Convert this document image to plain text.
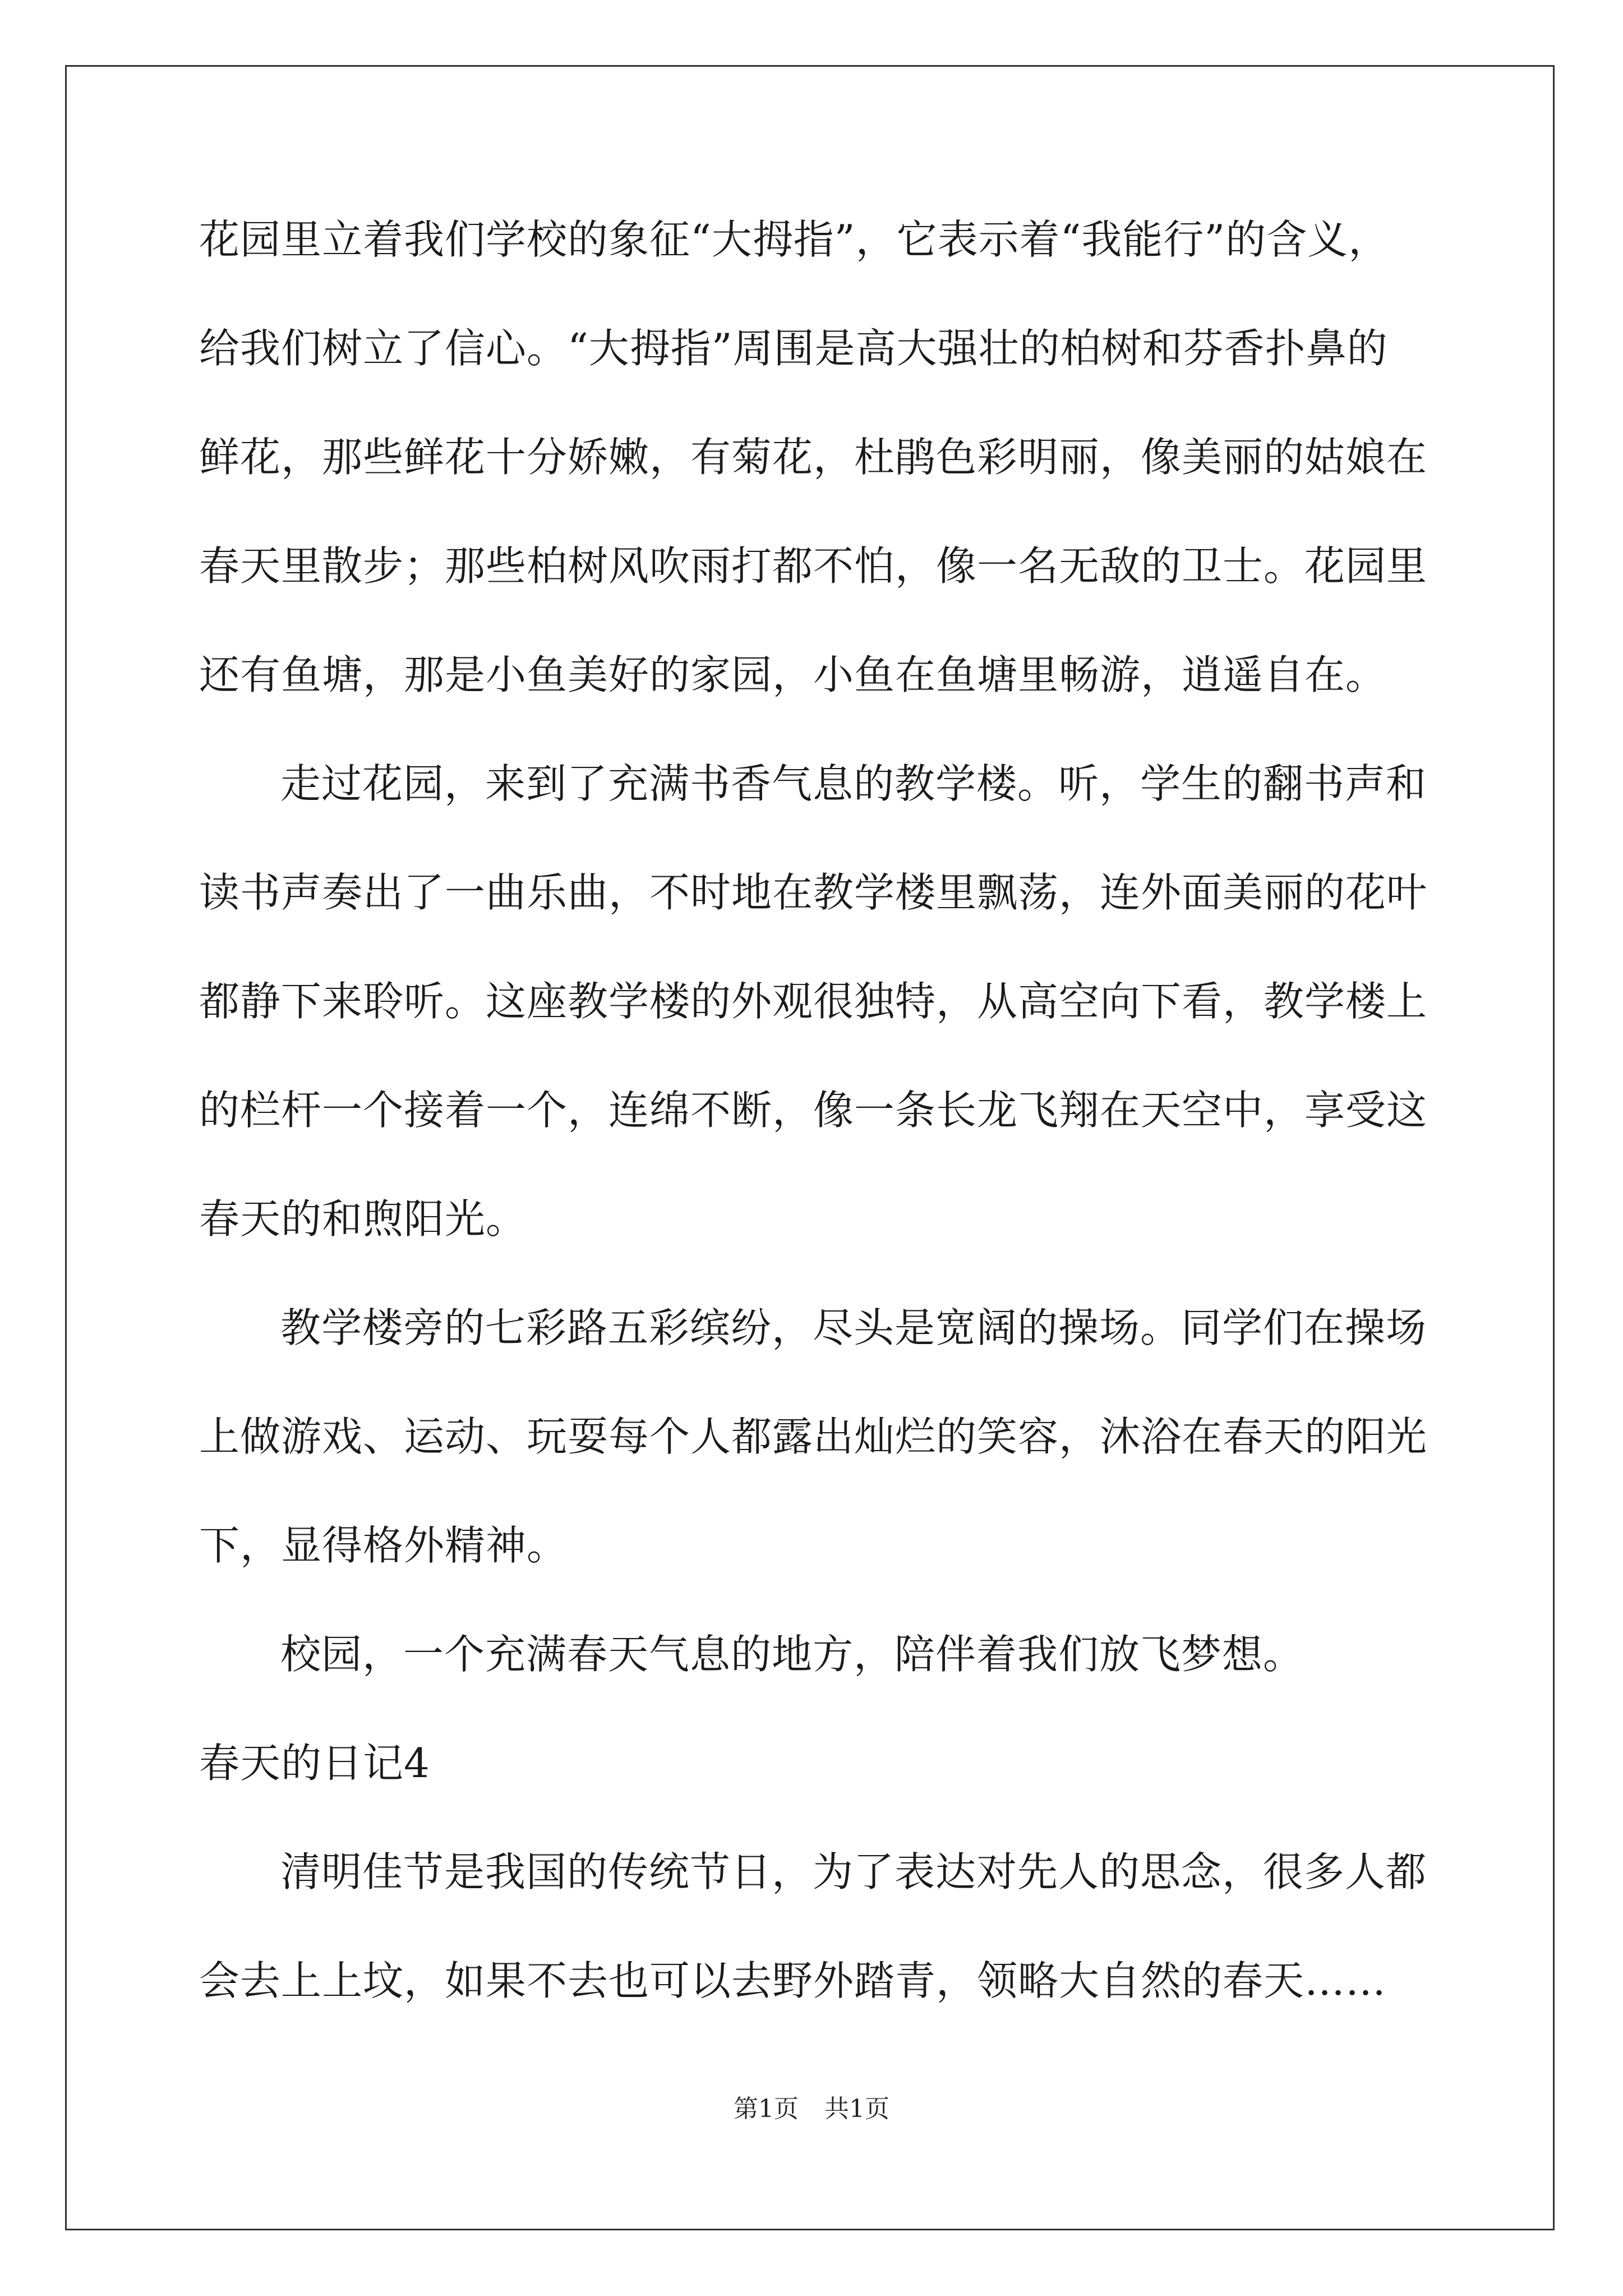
花园里立着我们学校的象征“大拇指”，它表示着“我能行”的含义，
给我们树立了信心。“大拇指”周围是高大强壮的柏树和芬香扑鼻的
鲜花，那些鲜花十分娇嫩，有菊花，杜鹃色彩明丽，像美丽的姑娘在
春天里散步；那些柏树风吹雨打都不怕，像一名无敌的卫士。花园里
还有鱼塘，那是小鱼美好的家园，小鱼在鱼塘里畅游，逍遥自在。
走过花园，来到了充满书香气息的教学楼。听，学生的翻书声和
读书声奏出了一曲乐曲，不时地在教学楼里飘荡，连外面美丽的花叶
都静下来聆听。这座教学楼的外观很独特，从高空向下看，教学楼上
的栏杆一个接着一个，连绵不断，像一条长龙飞翔在天空中，享受这
春天的和煦阳光。
教学楼旁的七彩路五彩缤纷，尽头是宽阔的操场。同学们在操场
上做游戏、运动、玩耍每个人都露出灿烂的笑容，沐浴在春天的阳光
下，显得格外精神。
校园，一个充满春天气息的地方，陪伴着我们放飞梦想。
春天的日记4
清明佳节是我国的传统节日，为了表达对先人的思念，很多人都
会去上上坟，如果不去也可以去野外踏青，领略大自然的春天……
第1页 共1页
